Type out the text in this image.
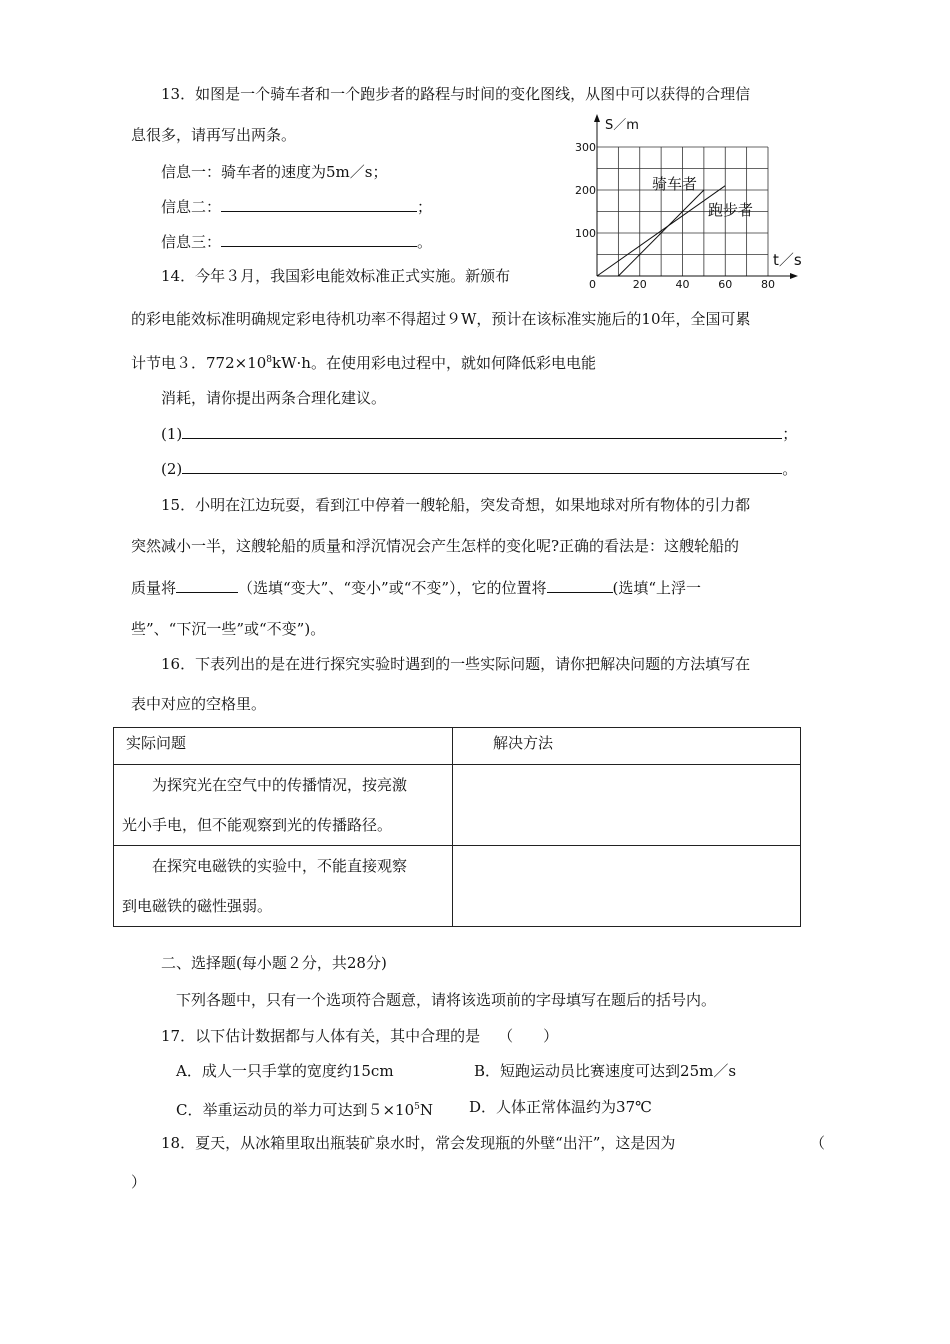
13．如图是一个骑车者和一个跑步者的路程与时间的变化图线，从图中可以获得的合理信
息很多，请再写出两条。
信息一：骑车者的速度为5m／s；
信息二：	；
信息三：	。
0	20	40	60	80
100
200
300
S／m
t／s
骑车者
跑步者
14．今年３月，我国彩电能效标准正式实施。新颁布
的彩电能效标准明确规定彩电待机功率不得超过９W，预计在该标准实施后的10年，全国可累
计节电３．$772\times 10^8kW\cdot h$。在使用彩电过程中，就如何降低彩电电能
消耗，请你提出两条合理化建议。
(1)	；
(2)	。
15．小明在江边玩耍，看到江中停着一艘轮船，突发奇想，如果地球对所有物体的引力都
突然减小一半，这艘轮船的质量和浮沉情况会产生怎样的变化呢?正确的看法是：这艘轮船的
质量将	（选填“变大”、“变小”或“不变”），它的位置将	(选填“上浮一
些”、“下沉一些”或“不变”)。
16．下表列出的是在进行探究实验时遇到的一些实际问题，请你把解决问题的方法填写在
表中对应的空格里。
实际问题	解决方法

为探究光在空气中的传播情况，按亮激
光小手电，但不能观察到光的传播路径。	

在探究电磁铁的实验中，不能直接观察
到电磁铁的磁性强弱。	

二、选择题(每小题２分，共28分)
下列各题中，只有一个选项符合题意，请将该选项前的字母填写在题后的括号内。
17．以下估计数据都与人体有关，其中合理的是 （　　）
A．成人一只手掌的宽度约15cm	B．短跑运动员比赛速度可达到25m／s
C．举重运动员的举力可达到$5\times 10^5N$ D．人体正常体温约为37℃
18．夏天，从冰箱里取出瓶装矿泉水时，常会发现瓶的外壁“出汗”，这是因为	（
）
